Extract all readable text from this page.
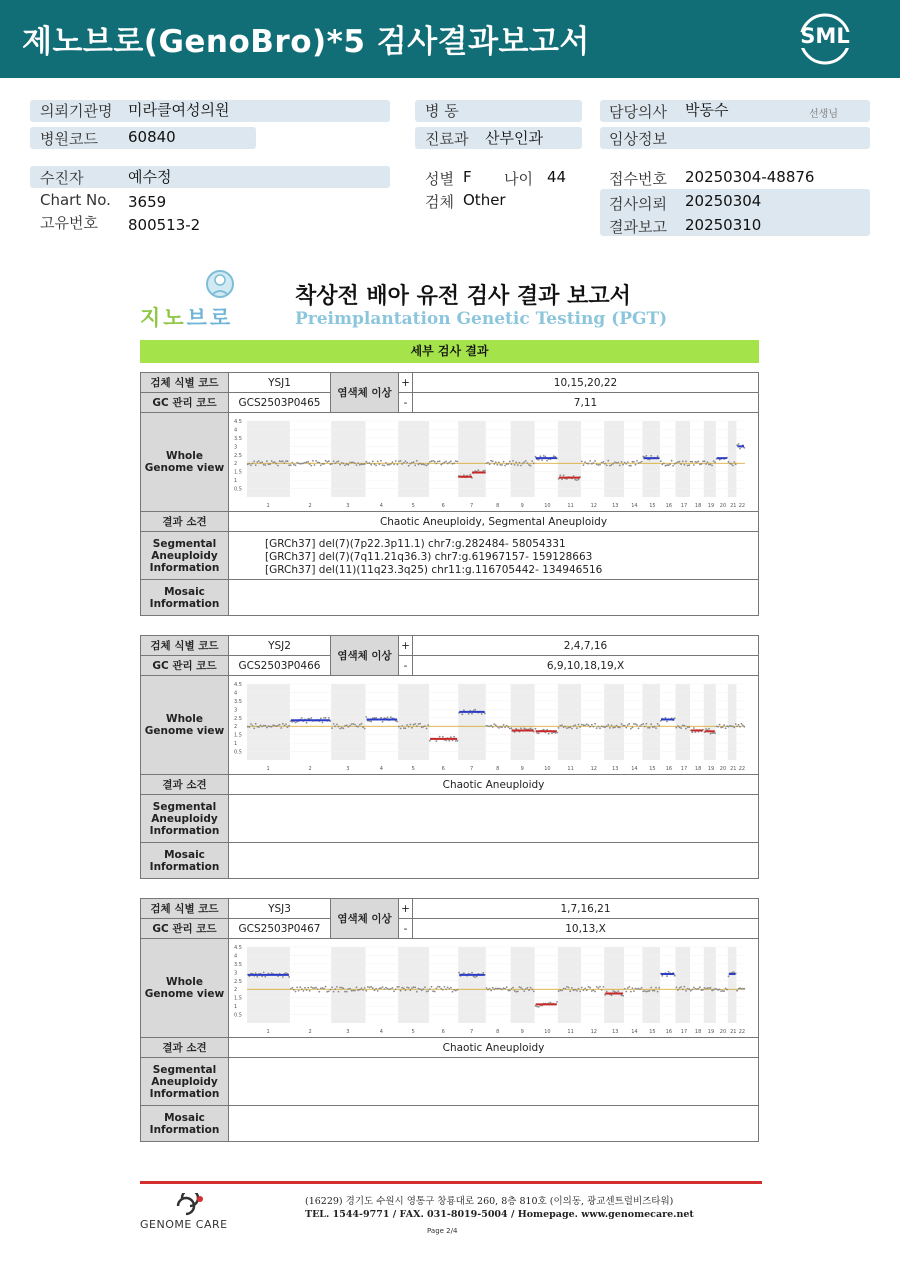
제노브로(GenoBro)*5 검사결과보고서	SML
의뢰기관명 미라클여성의원
병원코드 60840
수진자	예수정
Chart No. 3659
고유번호 800513-2
병 동
진료과 산부인과
성별 F 나이 44
검체 Other
담당의사 박동수	선생님
임상정보
접수번호 20250304-48876
검사의뢰 20250304
결과보고 20250310
지노브로
착상전 배아 유전 검사 결과 보고서
Preimplantation Genetic Testing (PGT)
세부 검사 결과
검체 식별 코드	YSJ1
염색체 이상
+	10,15,20,22
GC 관리 코드	GCS2503P0465	-	7,11
Whole Genome view
4.5
4
3.5
3
2.5
2
1.5
1
0.5
1	2	3	4	5	6	7	8	9	10	11	12	13	14 15 16 17 18 19 20 21 22
결과 소견	Chaotic Aneuploidy, Segmental Aneuploidy
Segmental Aneuploidy Information
[GRCh37] del(7)(7p22.3p11.1) chr7:g.282484- 58054331
[GRCh37] del(7)(7q11.21q36.3) chr7:g.61967157- 159128663
[GRCh37] del(11)(11q23.3q25) chr11:g.116705442- 134946516
Mosaic Information
검체 식별 코드	YSJ2
염색체 이상
+	2,4,7,16
GC 관리 코드	GCS2503P0466	-	6,9,10,18,19,X
Whole Genome view
4.5
4
3.5
3
2.5
2
1.5
1
0.5
1	2	3	4	5	6	7	8	9	10	11	12	13	14 15 16 17 18 19 20 21 22
결과 소견	Chaotic Aneuploidy
Segmental Aneuploidy Information
Mosaic Information
검체 식별 코드	YSJ3
염색체 이상
+	1,7,16,21
GC 관리 코드	GCS2503P0467	-	10,13,X
Whole Genome view
4.5
4
3.5
3
2.5
2
1.5
1
0.5
1	2	3	4	5	6	7	8	9	10	11	12	13	14 15 16 17 18 19 20 21 22
결과 소견	Chaotic Aneuploidy
Segmental Aneuploidy Information
Mosaic Information
GENOME CARE
(16229) 경기도 수원시 영통구 창룡대로 260, 8층 810호 (이의동, 광교센트럴비즈타워)
TEL. 1544-9771 / FAX. 031-8019-5004 / Homepage. www.genomecare.net
Page 2/4
